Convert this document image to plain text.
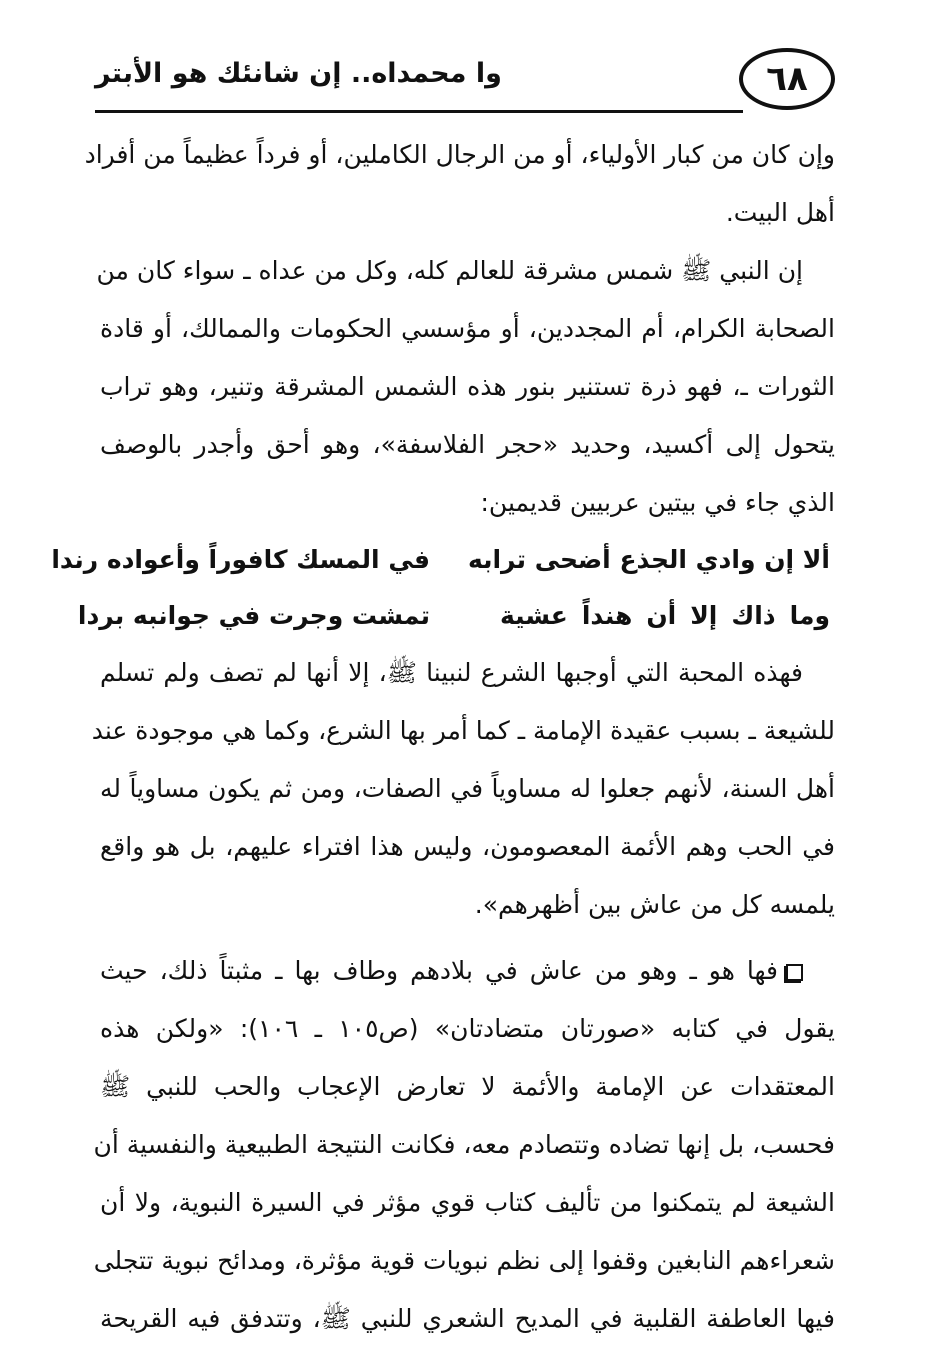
٦٨
وا محمداه.. إن شانئك هو الأبتر
وإن كان من كبار الأولياء، أو من الرجال الكاملين، أو فرداً عظيماً من أفراد
أهل البيت.
إن النبي ﷺ شمس مشرقة للعالم كله، وكل من عداه ـ سواء كان من
الصحابة الكرام، أم المجددين، أو مؤسسي الحكومات والممالك، أو قادة
الثورات ـ، فهو ذرة تستنير بنور هذه الشمس المشرقة وتنير، وهو تراب
يتحول إلى أكسيد، وحديد «حجر الفلاسفة»، وهو أحق وأجدر بالوصف
الذي جاء في بيتين عربيين قديمين:
ألا إن وادي الجذع أضحى ترابه
في المسك كافوراً وأعواده رندا
وما ذاك إلا أن هنداً عشية
تمشت وجرت في جوانبه بردا
فهذه المحبة التي أوجبها الشرع لنبينا ﷺ، إلا أنها لم تصف ولم تسلم
للشيعة ـ بسبب عقيدة الإمامة ـ كما أمر بها الشرع، وكما هي موجودة عند
أهل السنة، لأنهم جعلوا له مساوياً في الصفات، ومن ثم يكون مساوياً له
في الحب وهم الأئمة المعصومون، وليس هذا افتراء عليهم، بل هو واقع
يلمسه كل من عاش بين أظهرهم».
فها هو ـ وهو من عاش في بلادهم وطاف بها ـ مثبتاً ذلك، حيث
يقول في كتابه «صورتان متضادتان» (ص١٠٥ ـ ١٠٦): «ولكن هذه
المعتقدات عن الإمامة والأئمة لا تعارض الإعجاب والحب للنبي ﷺ
فحسب، بل إنها تضاده وتتصادم معه، فكانت النتيجة الطبيعية والنفسية أن
الشيعة لم يتمكنوا من تأليف كتاب قوي مؤثر في السيرة النبوية، ولا أن
شعراءهم النابغين وقفوا إلى نظم نبويات قوية مؤثرة، ومدائح نبوية تتجلى
فيها العاطفة القلبية في المديح الشعري للنبي ﷺ، وتتدفق فيه القريحة
